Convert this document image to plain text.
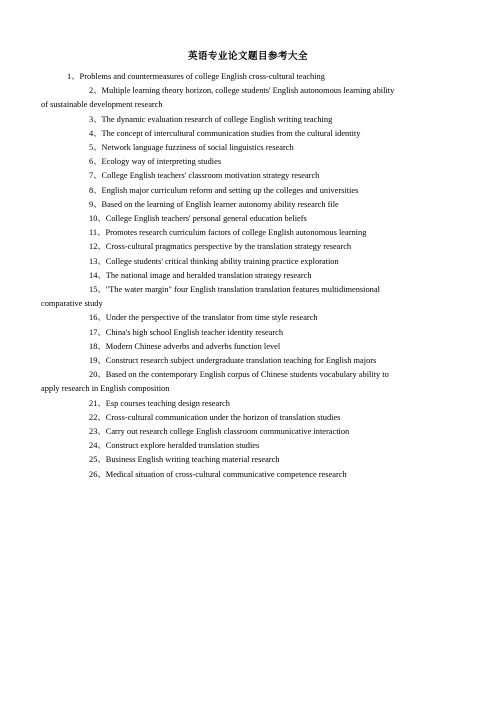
英语专业论文题目参考大全
1、Problems and countermeasures of college English cross-cultural teaching
2、Multiple learning theory horizon, college students' English autonomous learning ability
of sustainable development research
3、The dynamic evaluation research of college English writing teaching
4、The concept of intercultural communication studies from the cultural identity
5、Network language fuzziness of social linguistics research
6、Ecology way of interpreting studies
7、College English teachers' classroom motivation strategy research
8、English major curriculum reform and setting up the colleges and universities
9、Based on the learning of English learner autonomy ability research file
10、College English teachers' personal general education beliefs
11、Promotes research curriculum factors of college English autonomous learning
12、Cross-cultural pragmatics perspective by the translation strategy research
13、College students' critical thinking ability training practice exploration
14、The national image and heralded translation strategy research
15、"The water margin" four English translation translation features multidimensional
comparative study
16、Under the perspective of the translator from time style research
17、China's high school English teacher identity research
18、Modern Chinese adverbs and adverbs function level
19、Construct research subject undergraduate translation teaching for English majors
20、Based on the contemporary English corpus of Chinese students vocabulary ability to
apply research in English composition
21、Esp courses teaching design research
22、Cross-cultural communication under the horizon of translation studies
23、Carry out research college English classroom communicative interaction
24、Construct explore heralded translation studies
25、Business English writing teaching material research
26、Medical situation of cross-cultural communicative competence research
